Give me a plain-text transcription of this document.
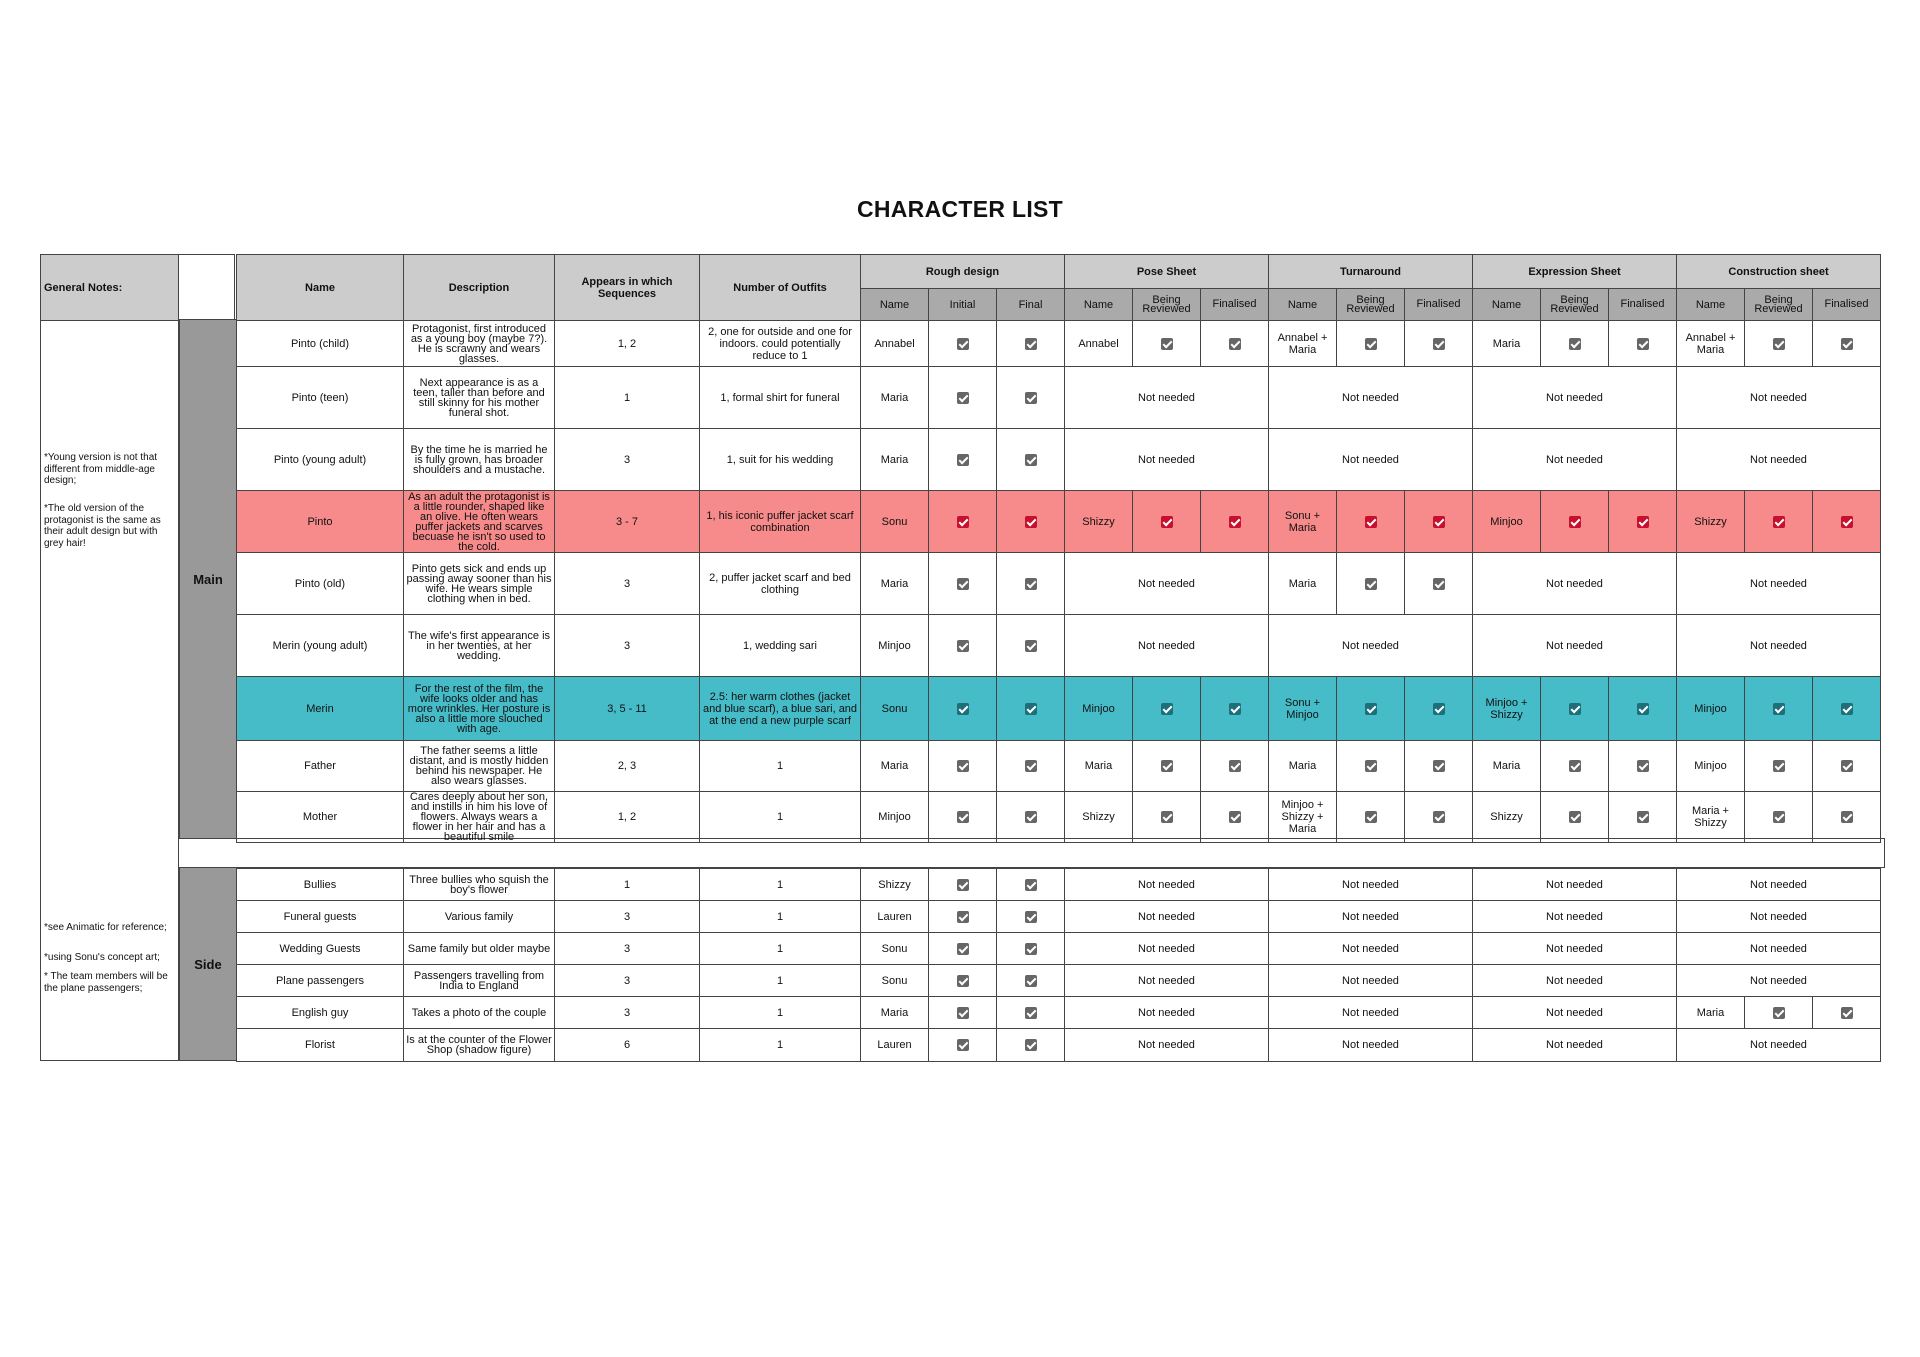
CHARACTER LIST
General Notes:
*Young version is not that different from middle-age design;
*The old version of the protagonist is the same as their adult design but with grey hair!
*see Animatic for reference;
*using Sonu's concept art;
* The team members will be the plane passengers;
Main
Side
Name	Description	Appears in which Sequences	Number of Outfits	Rough design			Pose Sheet			Turnaround			Expression Sheet			Construction sheet		
				Name	Initial	Final	Name	Being Reviewed	Finalised	Name	Being Reviewed	Finalised	Name	Being Reviewed	Finalised	Name	Being Reviewed	Finalised
Pinto (child)	Protagonist, first introduced as a young boy (maybe 7?). He is scrawny and wears glasses.	1, 2	2, one for outside and one for indoors. could potentially reduce to 1	Annabel			Annabel			Annabel + Maria			Maria			Annabel + Maria		
Pinto (teen)	Next appearance is as a teen, taller than before and still skinny for his mother funeral shot.	1	1, formal shirt for funeral	Maria			Not needed			Not needed			Not needed			Not needed		
Pinto (young adult)	By the time he is married he is fully grown, has broader shoulders and a mustache.	3	1, suit for his wedding	Maria			Not needed			Not needed			Not needed			Not needed		
Pinto	As an adult the protagonist is a little rounder, shaped like an olive. He often wears puffer jackets and scarves becuase he isn't so used to the cold.	3 - 7	1, his iconic puffer jacket scarf combination	Sonu			Shizzy			Sonu + Maria			Minjoo			Shizzy		
Pinto (old)	Pinto gets sick and ends up passing away sooner than his wife. He wears simple clothing when in bed.	3	2, puffer jacket scarf and bed clothing	Maria			Not needed			Maria			Not needed			Not needed		
Merin (young adult)	The wife's first appearance is in her twenties, at her wedding.	3	1, wedding sari	Minjoo			Not needed			Not needed			Not needed			Not needed		
Merin	For the rest of the film, the wife looks older and has more wrinkles. Her posture is also a little more slouched with age.	3, 5 - 11	2.5: her warm clothes (jacket and blue scarf), a blue sari, and at the end a new purple scarf	Sonu			Minjoo			Sonu + Minjoo			Minjoo + Shizzy			Minjoo		
Father	The father seems a little distant, and is mostly hidden behind his newspaper. He also wears glasses.	2, 3	1	Maria			Maria			Maria			Maria			Minjoo		
Mother	Cares deeply about her son, and instills in him his love of flowers. Always wears a flower in her hair and has a beautiful smile	1, 2	1	Minjoo			Shizzy			Minjoo + Shizzy + Maria			Shizzy			Maria + Shizzy		
Bullies	Three bullies who squish the boy's flower	1	1	Shizzy			Not needed	Not needed	Not needed	Not needed		
Funeral guests	Various family	3	1	Lauren			Not needed	Not needed	Not needed	Not needed		
Wedding Guests	Same family but older maybe	3	1	Sonu			Not needed	Not needed	Not needed	Not needed		
Plane passengers	Passengers travelling from India to England	3	1	Sonu			Not needed	Not needed	Not needed	Not needed		
English guy	Takes a photo of the couple	3	1	Maria			Not needed	Not needed	Not needed	Maria		
Florist	Is at the counter of the Flower Shop (shadow figure)	6	1	Lauren			Not needed	Not needed	Not needed	Not needed		
